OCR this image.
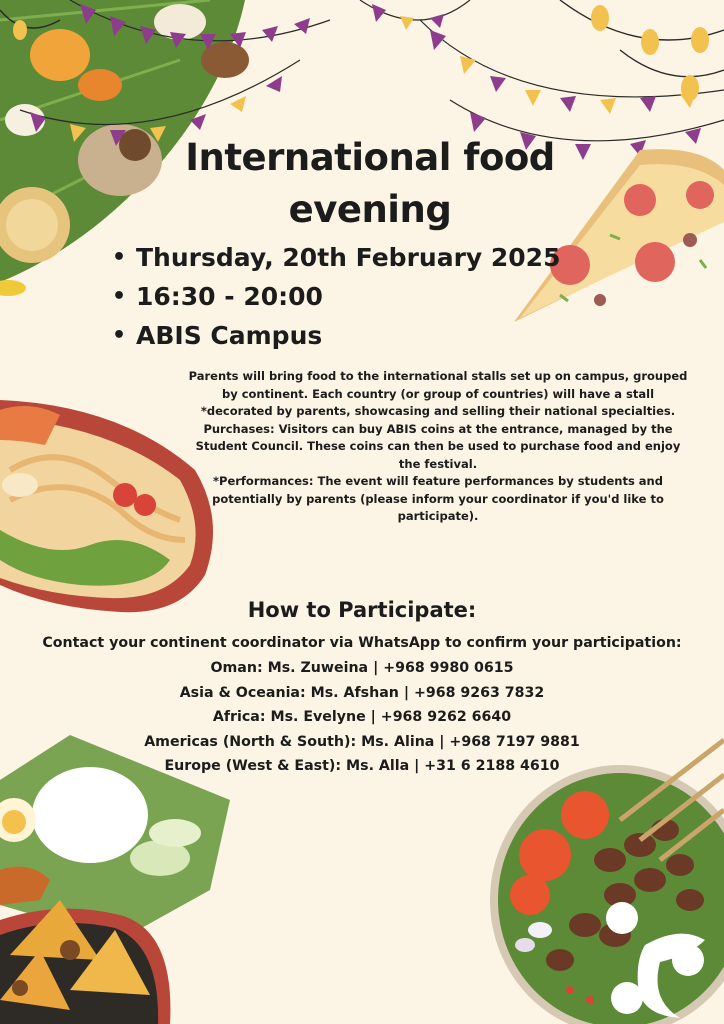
International food evening
• Thursday, 20th February 2025
• 16:30 - 20:00
• ABIS Campus

Parents will bring food to the international stalls set up on campus, grouped by continent. Each country (or group of countries) will have a stall *decorated by parents, showcasing and selling their national specialties.

Purchases: Visitors can buy ABIS coins at the entrance, managed by the Student Council. These coins can then be used to purchase food and enjoy the festival.

*Performances: The event will feature performances by students and potentially by parents (please inform your coordinator if you'd like to participate).

How to Participate:
Contact your continent coordinator via WhatsApp to confirm your participation:
Oman: Ms. Zuweina | +968 9980 0615
Asia & Oceania: Ms. Afshan | +968 9263 7832
Africa: Ms. Evelyne | +968 9262 6640
Americas (North & South): Ms. Alina | +968 7197 9881
Europe (West & East): Ms. Alla | +31 6 2188 4610
